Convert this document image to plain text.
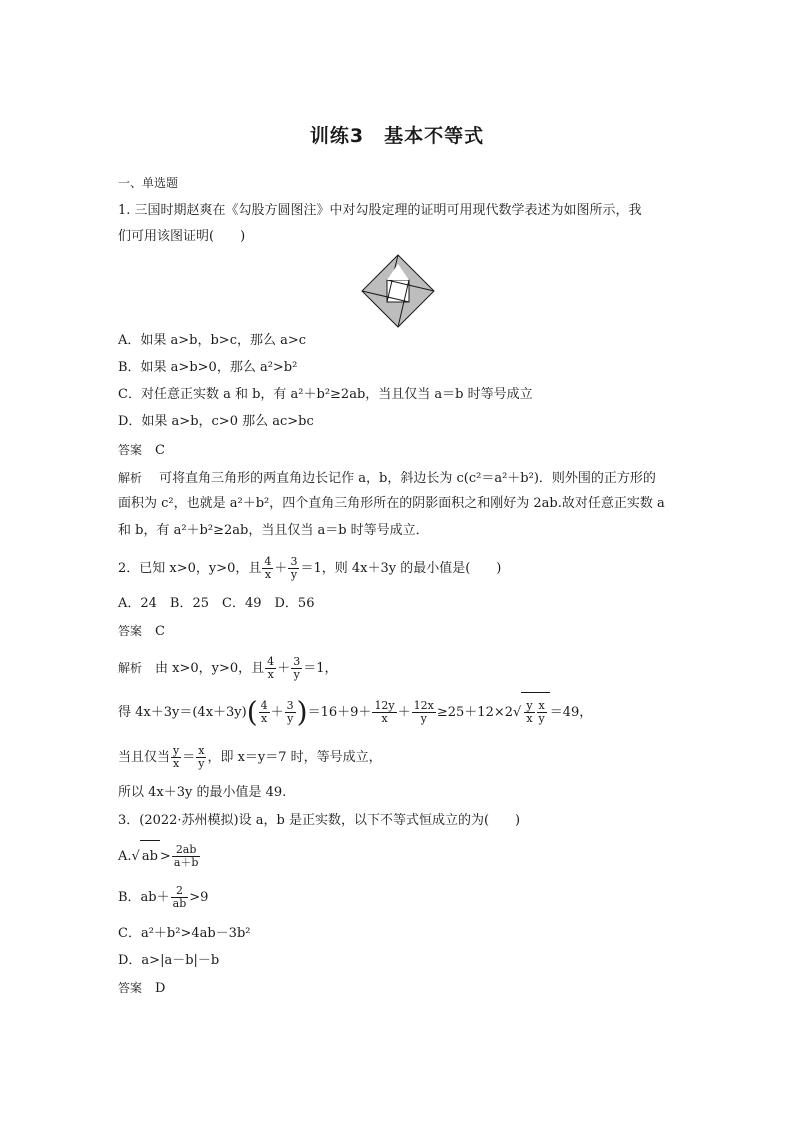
训练3　基本不等式
一、单选题
1. 三国时期赵爽在《勾股方圆图注》中对勾股定理的证明可用现代数学表述为如图所示，我
们可用该图证明(　　)
A．如果 a>b，b>c，那么 a>c
B．如果 a>b>0，那么 a²>b²
C．对任意正实数 a 和 b，有 a²＋b²≥2ab，当且仅当 a＝b 时等号成立
D．如果 a>b，c>0 那么 ac>bc
答案　 C
解析　 可将直角三角形的两直角边长记作 a，b，斜边长为 c(c²＝a²＋b²)．则外围的正方形的
面积为 c²，也就是 a²＋b²，四个直角三角形所在的阴影面积之和刚好为 2ab.故对任意正实数 a
和 b，有 a²＋b²≥2ab，当且仅当 a＝b 时等号成立．
2．已知 x>0，y>0，且 $\frac{4}{x} + \frac{3}{y} =1$，则 4x＋3y 的最小值是(　　)
A．24　B．25　C．49　D．56
答案　 C
解析　 由 x>0，y>0，且 $\frac{4}{x} + \frac{3}{y} =1$，
得 $4x+3y=(4x+3y)( \frac{4}{x} + \frac{3}{y} )=16+9+ \frac{12y}{x} + \frac{12x}{y} \ge 25+12\times 2√ \frac{y}{x} \frac{x}{y} =49$，
当且仅当 $\frac{y}{x} = \frac{x}{y}$ ，即 x＝y＝7 时，等号成立，
所以 4x＋3y 的最小值是 49.
3．(2022·苏州模拟)设 a，b 是正实数，以下不等式恒成立的为(　　)
A.√ ab > $\frac{2ab}{a+b}$
B．$ab+ \frac{2}{ab} >9$
C．a²＋b²>4ab－3b²
D．a>|a－b|－b
答案　 D
